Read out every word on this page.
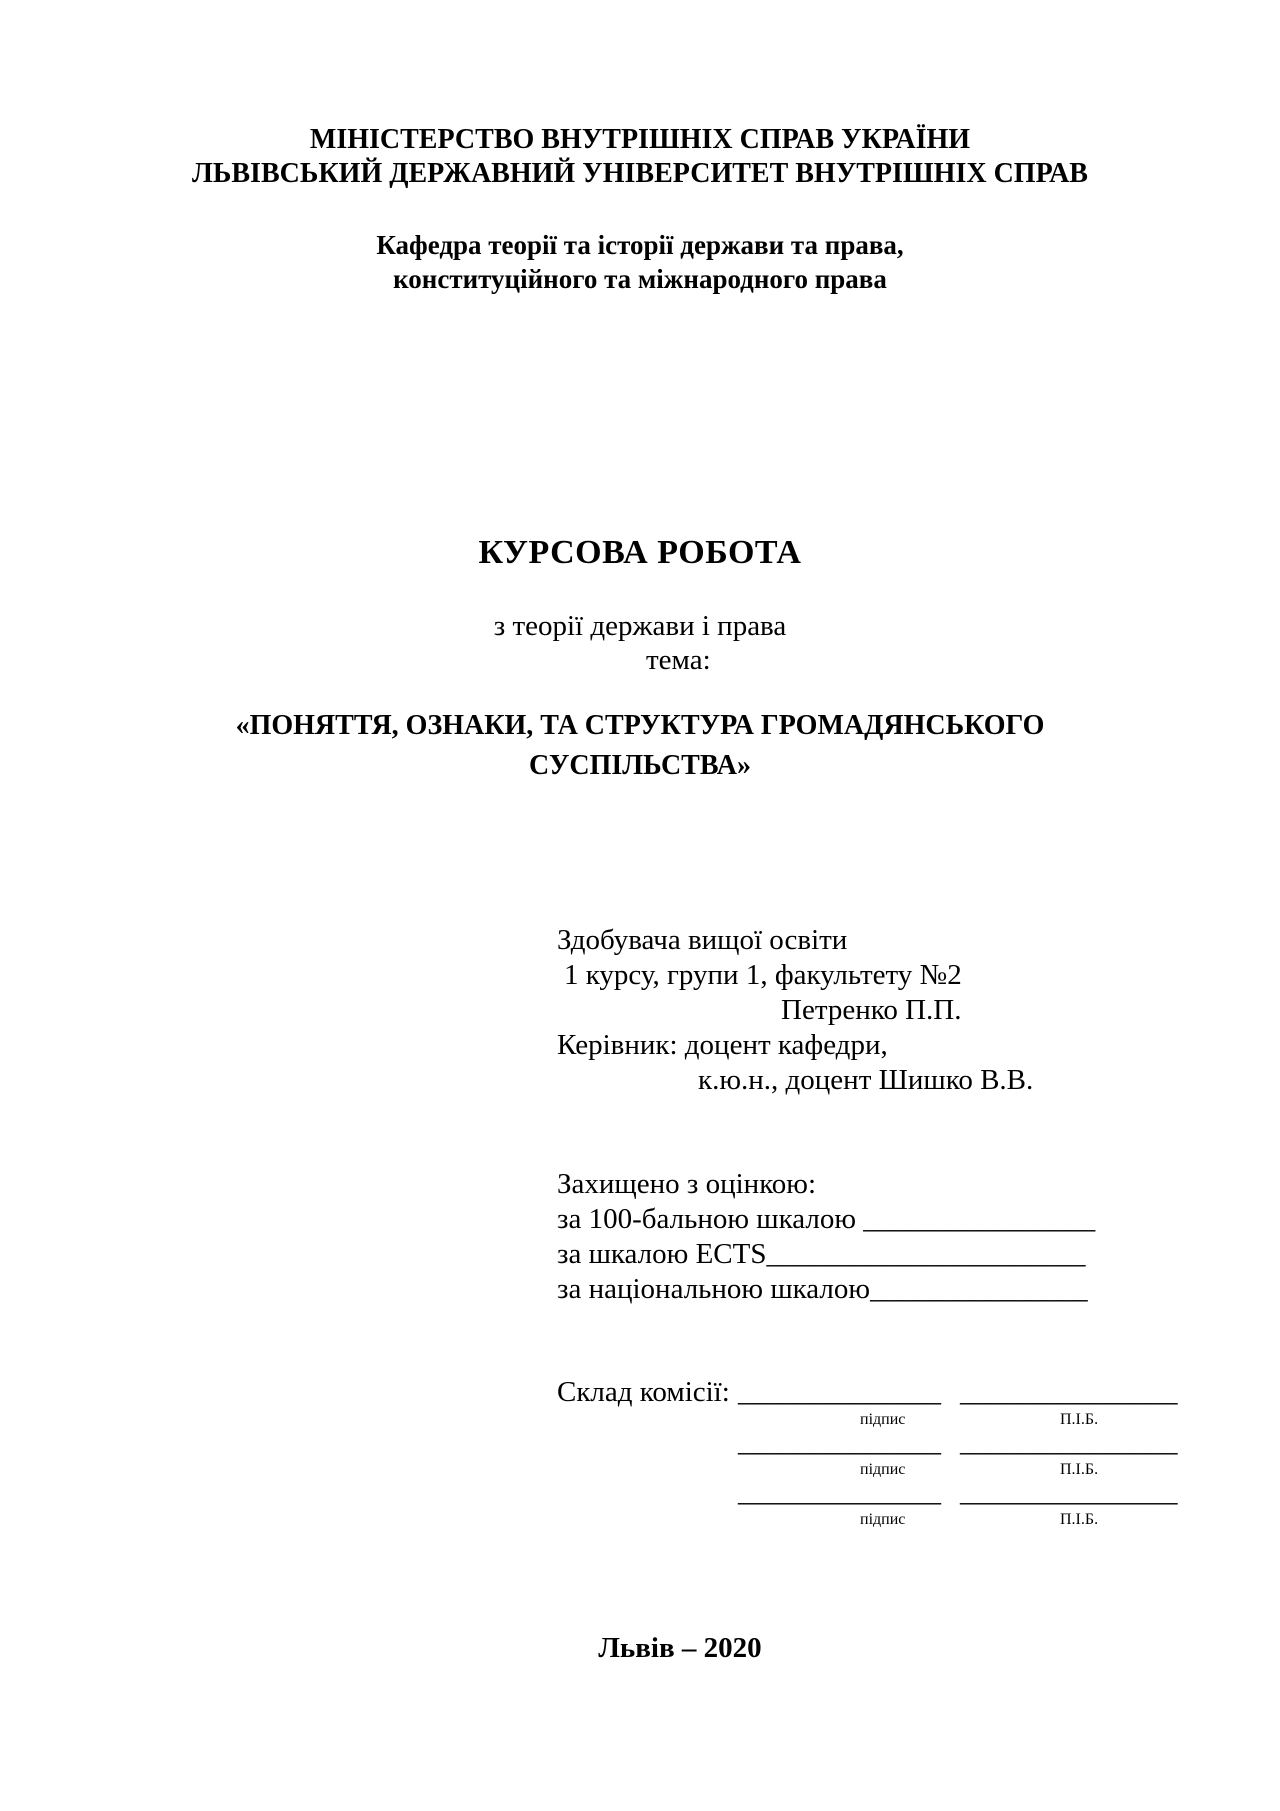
МІНІСТЕРСТВО ВНУТРІШНІХ СПРАВ УКРАЇНИ
ЛЬВІВСЬКИЙ ДЕРЖАВНИЙ УНІВЕРСИТЕТ ВНУТРІШНІХ СПРАВ
Кафедра теорії та історії держави та права,
конституційного та міжнародного права
КУРСОВА РОБОТА
з теорії держави і права
тема:
«ПОНЯТТЯ, ОЗНАКИ, ТА СТРУКТУРА ГРОМАДЯНСЬКОГО
СУСПІЛЬСТВА»
Здобувача вищої освіти
1 курсу, групи 1, факультету №2
Петренко П.П.
Керівник: доцент кафедри,
к.ю.н., доцент Шишко В.В.
Захищено з оцінкою:
за 100-бальною шкалою ________________
за шкалою ECTS______________________
за національною шкалою_______________
Склад комісії: ______________ _______________
підпис	П.І.Б.
______________ _______________
підпис	П.І.Б.
______________ _______________
підпис	П.І.Б.
Львів – 2020
